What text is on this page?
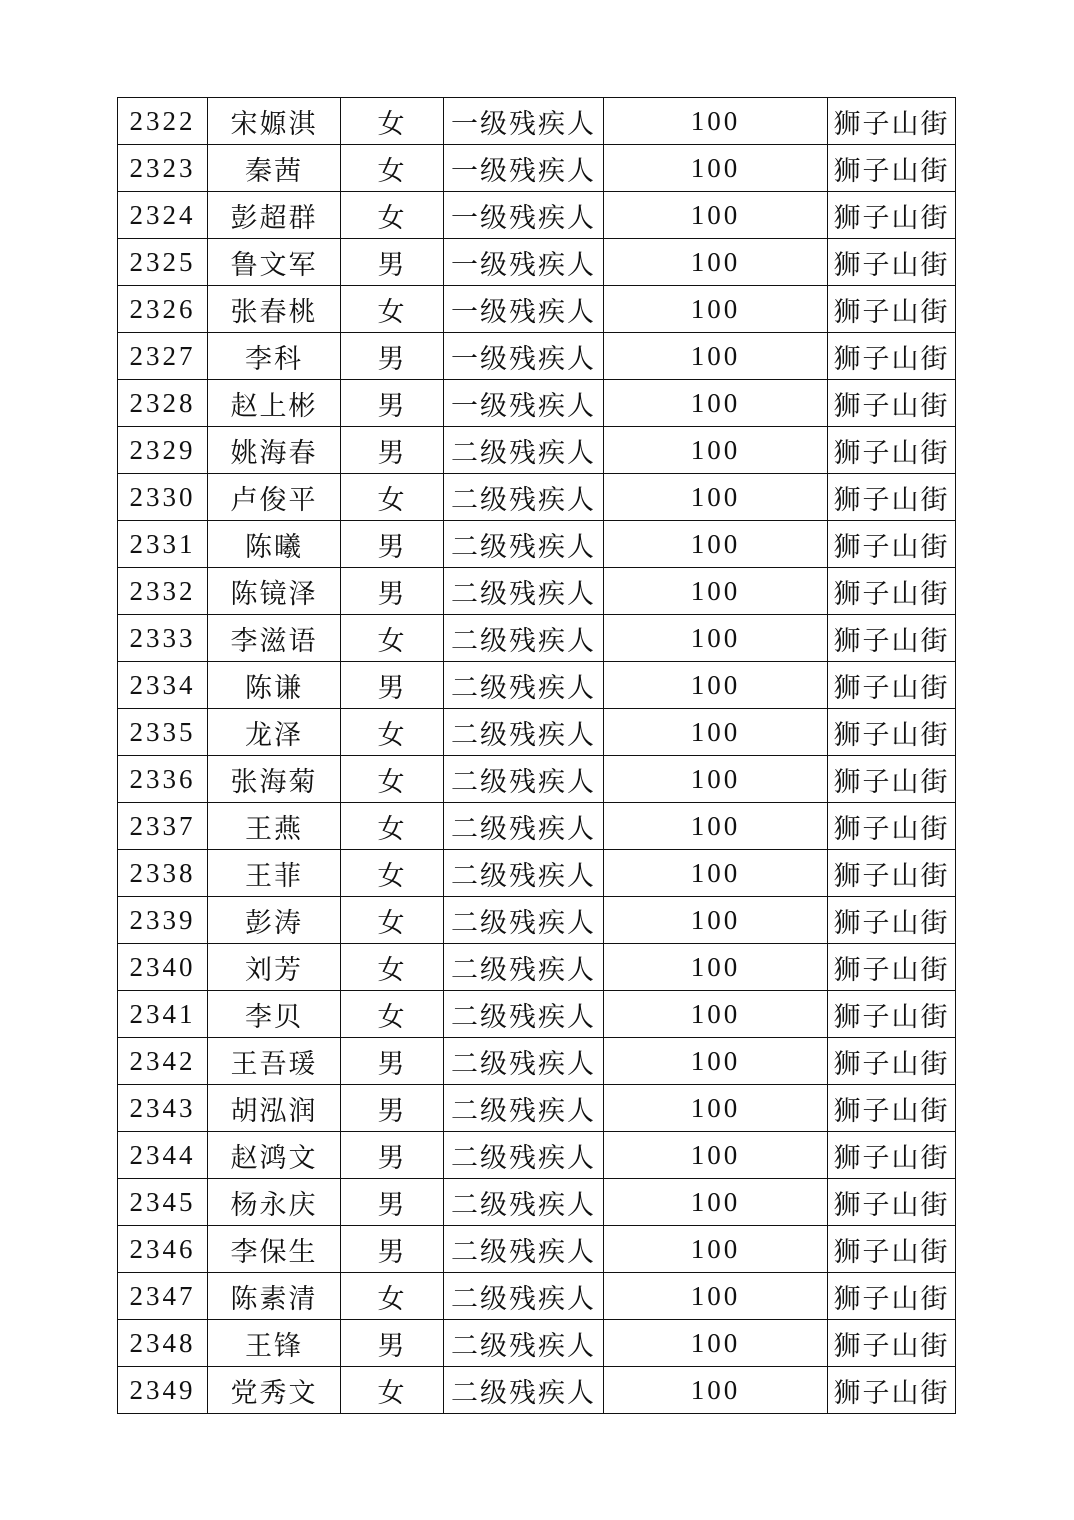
2322	宋嫄淇	女	一级残疾人	100	狮子山街
2323	秦茜	女	一级残疾人	100	狮子山街
2324	彭超群	女	一级残疾人	100	狮子山街
2325	鲁文军	男	一级残疾人	100	狮子山街
2326	张春桃	女	一级残疾人	100	狮子山街
2327	李科	男	一级残疾人	100	狮子山街
2328	赵上彬	男	一级残疾人	100	狮子山街
2329	姚海春	男	二级残疾人	100	狮子山街
2330	卢俊平	女	二级残疾人	100	狮子山街
2331	陈曦	男	二级残疾人	100	狮子山街
2332	陈镜泽	男	二级残疾人	100	狮子山街
2333	李滋语	女	二级残疾人	100	狮子山街
2334	陈谦	男	二级残疾人	100	狮子山街
2335	龙泽	女	二级残疾人	100	狮子山街
2336	张海菊	女	二级残疾人	100	狮子山街
2337	王燕	女	二级残疾人	100	狮子山街
2338	王菲	女	二级残疾人	100	狮子山街
2339	彭涛	女	二级残疾人	100	狮子山街
2340	刘芳	女	二级残疾人	100	狮子山街
2341	李贝	女	二级残疾人	100	狮子山街
2342	王吾瑗	男	二级残疾人	100	狮子山街
2343	胡泓润	男	二级残疾人	100	狮子山街
2344	赵鸿文	男	二级残疾人	100	狮子山街
2345	杨永庆	男	二级残疾人	100	狮子山街
2346	李保生	男	二级残疾人	100	狮子山街
2347	陈素清	女	二级残疾人	100	狮子山街
2348	王锋	男	二级残疾人	100	狮子山街
2349	党秀文	女	二级残疾人	100	狮子山街
